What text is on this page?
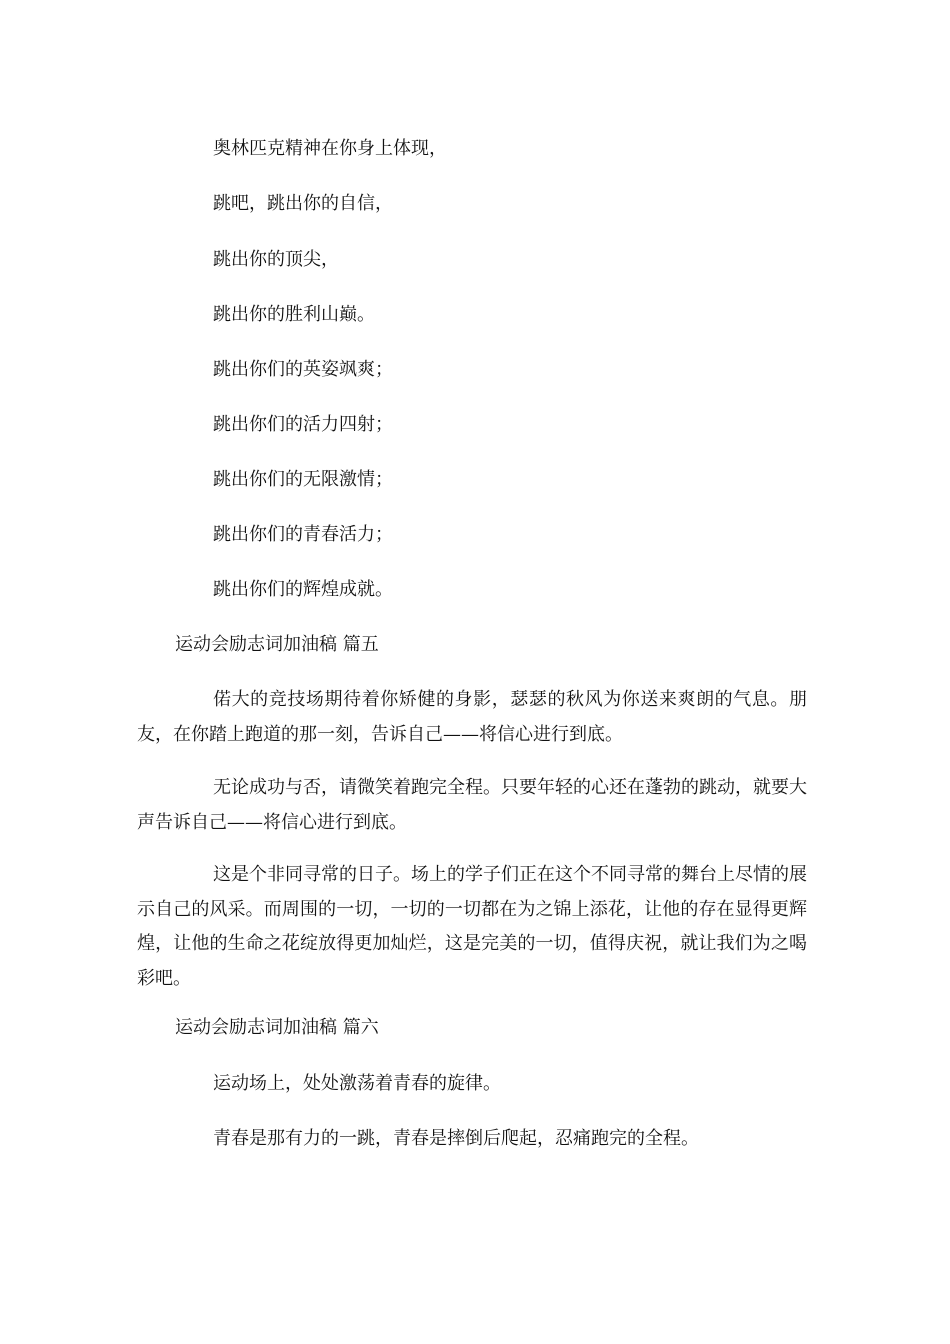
奥林匹克精神在你身上体现，

跳吧，跳出你的自信，

跳出你的顶尖，

跳出你的胜利山巅。

跳出你们的英姿飒爽；

跳出你们的活力四射；

跳出你们的无限激情；

跳出你们的青春活力；

跳出你们的辉煌成就。

运动会励志词加油稿 篇五

偌大的竞技场期待着你矫健的身影，瑟瑟的秋风为你送来爽朗的气息。朋友，在你踏上跑道的那一刻，告诉自己——将信心进行到底。

无论成功与否，请微笑着跑完全程。只要年轻的心还在蓬勃的跳动，就要大声告诉自己——将信心进行到底。

这是个非同寻常的日子。场上的学子们正在这个不同寻常的舞台上尽情的展示自己的风采。而周围的一切，一切的一切都在为之锦上添花，让他的存在显得更辉煌，让他的生命之花绽放得更加灿烂，这是完美的一切，值得庆祝，就让我们为之喝彩吧。

运动会励志词加油稿 篇六

运动场上，处处激荡着青春的旋律。

青春是那有力的一跳，青春是摔倒后爬起，忍痛跑完的全程。
